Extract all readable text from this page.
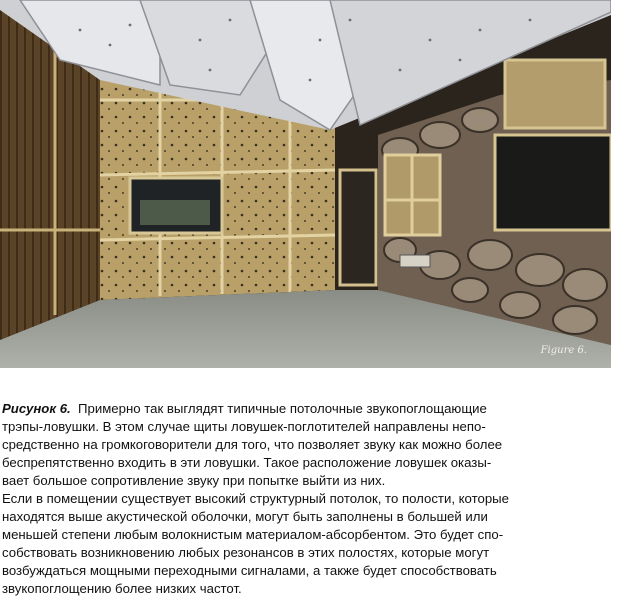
Figure 6.
Рисунок 6. Примерно так выглядят типичные потолочные звукопоглощающие
трэпы-ловушки. В этом случае щиты ловушек-поглотителей направлены непо-
средственно на громкоговорители для того, что позволяет звуку как можно более
беспрепятственно входить в эти ловушки. Такое расположение ловушек оказы-
вает большое сопротивление звуку при попытке выйти из них.
Если в помещении существует высокий структурный потолок, то полости, которые
находятся выше акустической оболочки, могут быть заполнены в большей или
меньшей степени любым волокнистым материалом-абсорбентом. Это будет спо-
собствовать возникновению любых резонансов в этих полостях, которые могут
возбуждаться мощными переходными сигналами, а также будет способствовать
звукопоглощению более низких частот.
